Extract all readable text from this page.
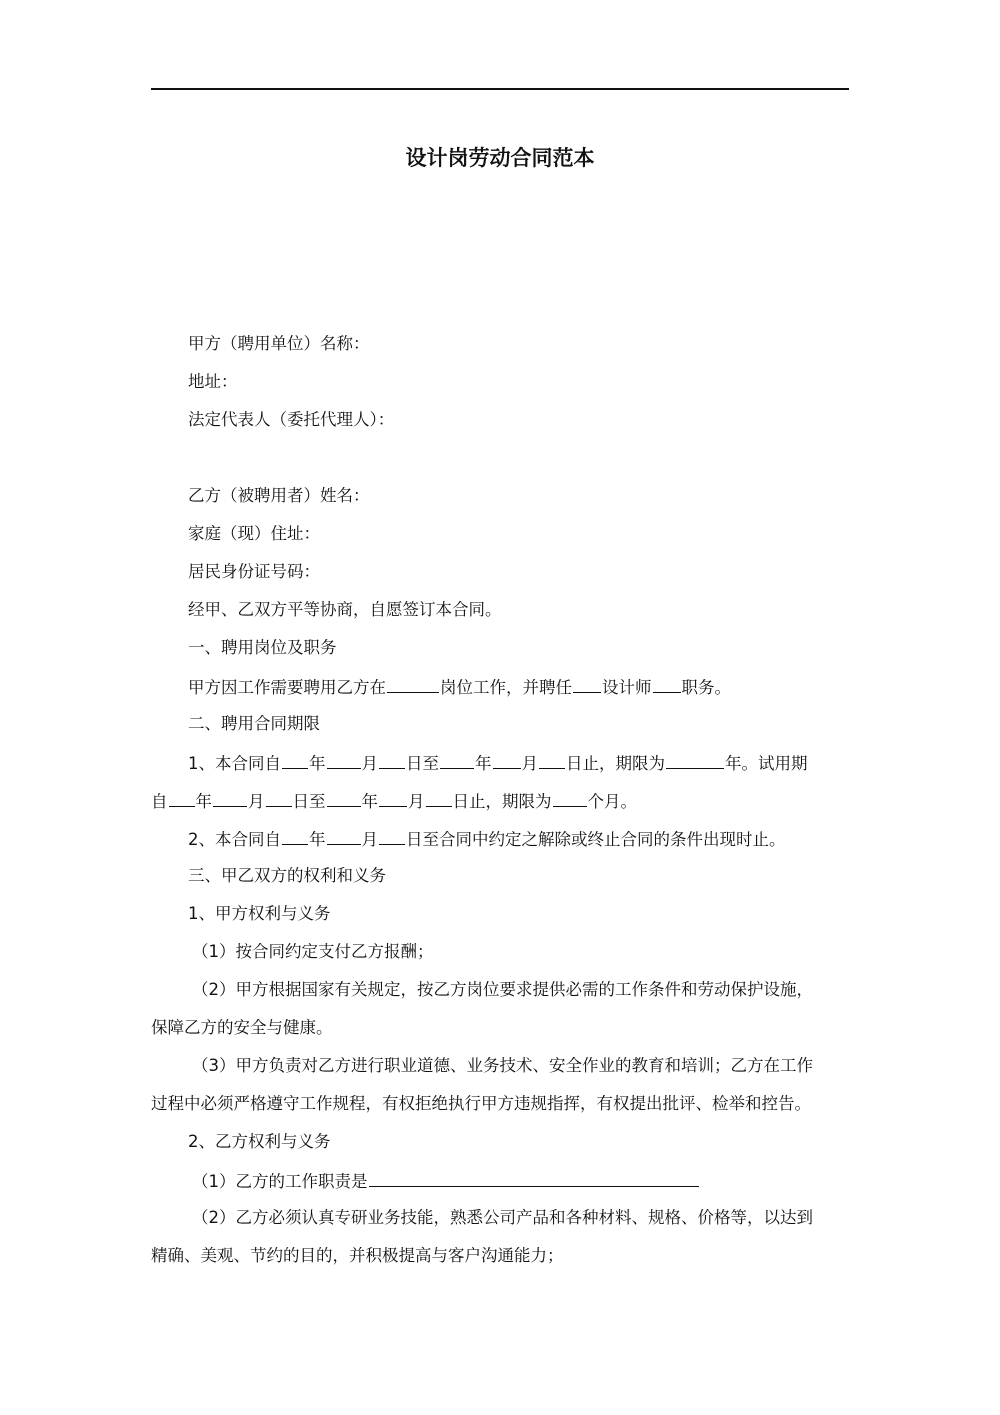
设计岗劳动合同范本

甲方（聘用单位）名称：

地址：

法定代表人（委托代理人）：

乙方（被聘用者）姓名：

家庭（现）住址：

居民身份证号码：

经甲、乙双方平等协商，自愿签订本合同。

一、聘用岗位及职务

甲方因工作需要聘用乙方在	岗位工作，并聘任 设计师 职务。

二、聘用合同期限

1、本合同自 年 月 日至 年 月 日止，期限为	年。试用期

自 年 月 日至 年 月 日止，期限为 个月。

2、本合同自 年 月 日至合同中约定之解除或终止合同的条件出现时止。

三、甲乙双方的权利和义务

1、甲方权利与义务

（1）按合同约定支付乙方报酬；

（2）甲方根据国家有关规定，按乙方岗位要求提供必需的工作条件和劳动保护设施，

保障乙方的安全与健康。

（3）甲方负责对乙方进行职业道德、业务技术、安全作业的教育和培训；乙方在工作

过程中必须严格遵守工作规程，有权拒绝执行甲方违规指挥，有权提出批评、检举和控告。

2、乙方权利与义务

（1）乙方的工作职责是

（2）乙方必须认真专研业务技能，熟悉公司产品和各种材料、规格、价格等，以达到

精确、美观、节约的目的，并积极提高与客户沟通能力；
